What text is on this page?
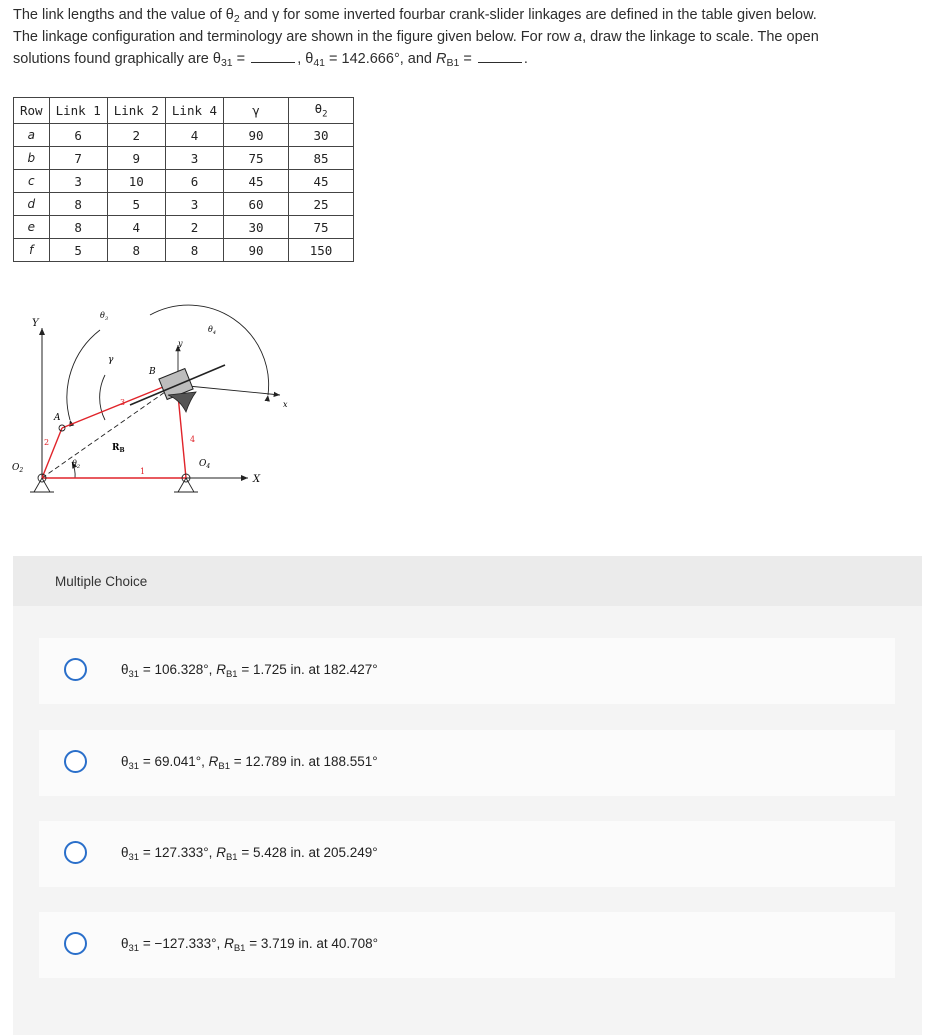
The link lengths and the value of $\theta_2$ and γ for some inverted fourbar crank-slider linkages are defined in the table given below.
The linkage configuration and terminology are shown in the figure given below. For row a, draw the linkage to scale. The open
solutions found graphically are $\theta_{31}$ =	, $\theta_{41} = 142.666^\circ$, and $R_{B1}$ =	.
Row	Link 1	Link 2	Link 4	γ	$\theta_2$
a	6	2	4	90	30
b	7	9	3	75	85
c	3	10	6	45	45
d	8	5	3	60	25
e	8	4	2	30	75
f	5	8	8	90	150
Y
X
$O_2$
$O_4$
A
B
$R_B$
$\theta_2$
$\theta_3$
$\theta_4$
γ
x
y
1
2
3
4
Multiple Choice
$\theta_{31} = 106.328^\circ$, $R_{B1} = 1.725$ in. at 182.427°
$\theta_{31} = 69.041^\circ$, $R_{B1} = 12.789$ in. at 188.551°
$\theta_{31} = 127.333^\circ$, $R_{B1} = 5.428$ in. at 205.249°
$\theta_{31} = -127.333^\circ$, $R_{B1} = 3.719$ in. at 40.708°
